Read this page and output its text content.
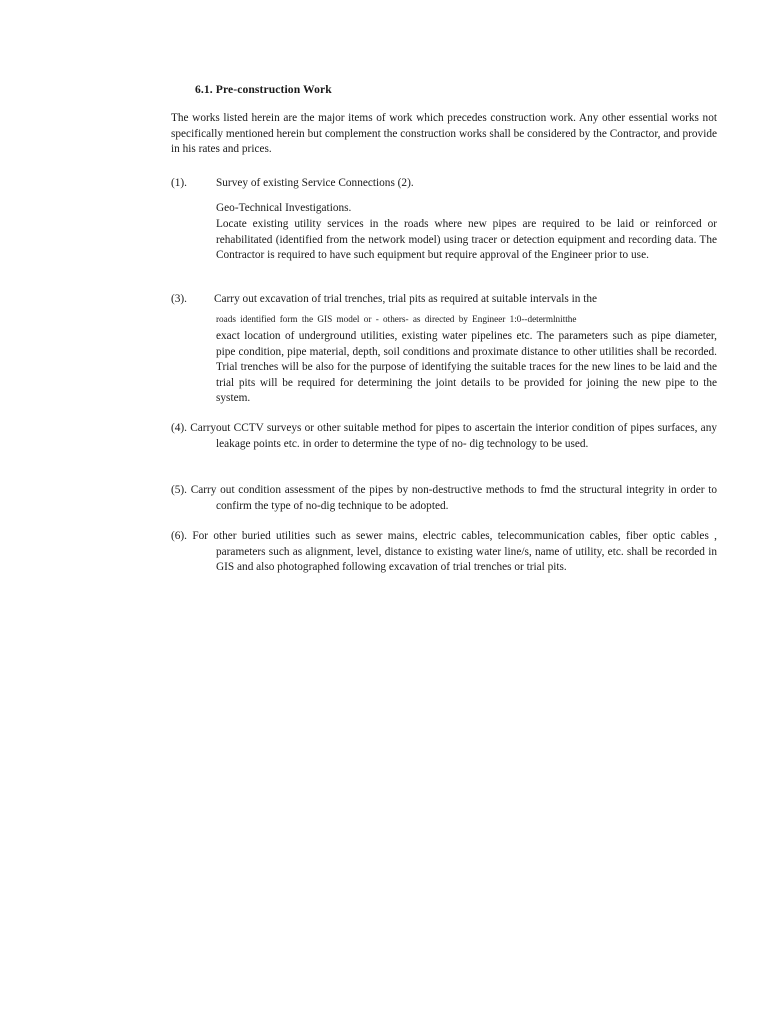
6.1. Pre-construction Work
The works listed herein are the major items of work which precedes construction work. Any other essential works not specifically mentioned herein but complement the construction works shall be considered by the Contractor, and provide in his rates and prices.
(1).	Survey of existing Service Connections (2).
Geo-Technical Investigations.
Locate existing utility services in the roads where new pipes are required to be laid or reinforced or rehabilitated (identified from the network model) using tracer or detection equipment and recording data. The Contractor is required to have such equipment but require approval of the Engineer prior to use.
(3). Carry out excavation of trial trenches, trial pits as required at suitable intervals in the
roads identified form the GIS model or - others- as directed by Engineer 1:0--determlnitthe
exact location of underground utilities, existing water pipelines etc. The parameters such as pipe diameter, pipe condition, pipe material, depth, soil conditions and proximate distance to other utilities shall be recorded. Trial trenches will be also for the purpose of identifying the suitable traces for the new lines to be laid and the trial pits will be required for determining the joint details to be provided for joining the new pipe to the system.
(4). Carryout CCTV surveys or other suitable method for pipes to ascertain the interior condition of pipes surfaces, any leakage points etc. in order to determine the type of no- dig technology to be used.
(5). Carry out condition assessment of the pipes by non-destructive methods to fmd the structural integrity in order to confirm the type of no-dig technique to be adopted.
(6). For other buried utilities such as sewer mains, electric cables, telecommunication cables, fiber optic cables , parameters such as alignment, level, distance to existing water line/s, name of utility, etc. shall be recorded in GIS and also photographed following excavation of trial trenches or trial pits.
